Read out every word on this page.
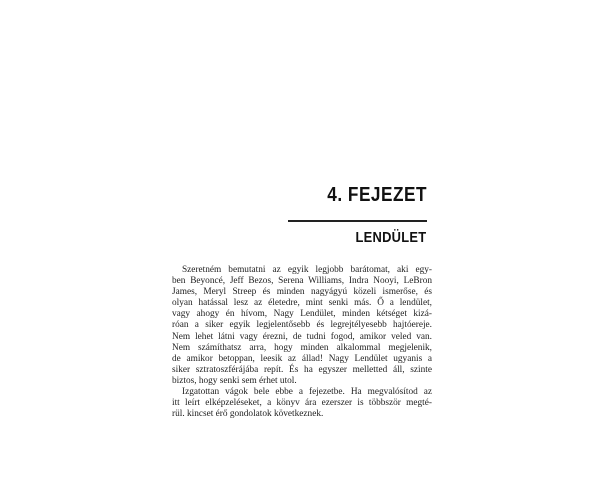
4. FEJEZET
LENDÜLET
Szeretném bemutatni az egyik legjobb barátomat, aki egy-
ben Beyoncé, Jeff Bezos, Serena Williams, Indra Nooyi, LeBron
James, Meryl Streep és minden nagyágyú közeli ismerőse, és
olyan hatással lesz az életedre, mint senki más. Ő a lendület,
vagy ahogy én hívom, Nagy Lendület, minden kétséget kizá-
róan a siker egyik legjelentősebb és legrejtélyesebb hajtóereje.
Nem lehet látni vagy érezni, de tudni fogod, amikor veled van.
Nem számíthatsz arra, hogy minden alkalommal megjelenik,
de amikor betoppan, leesik az állad! Nagy Lendület ugyanis a
siker sztratoszférájába repít. És ha egyszer melletted áll, szinte
biztos, hogy senki sem érhet utol.
Izgatottan vágok bele ebbe a fejezetbe. Ha megvalósítod az
itt leírt elképzeléseket, a könyv ára ezerszer is többször megté-
rül. kincset érő gondolatok következnek.
